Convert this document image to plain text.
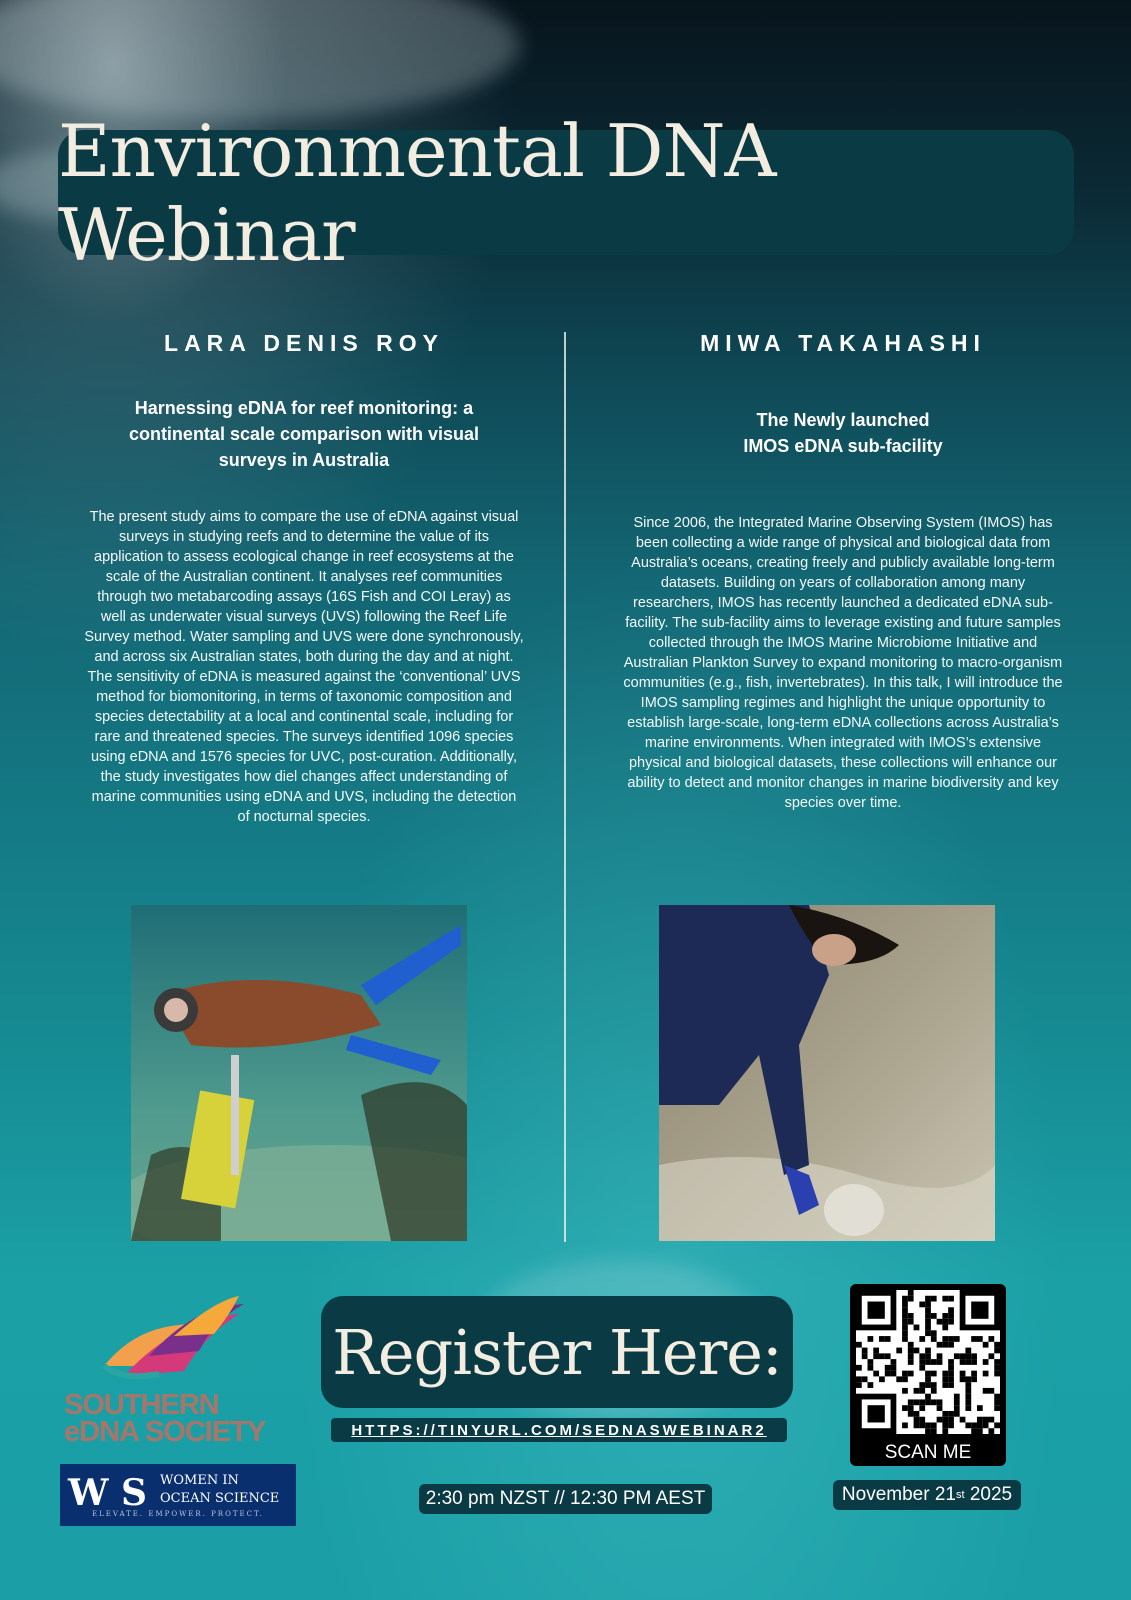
Environmental DNA Webinar

LARA DENIS ROY

Harnessing eDNA for reef monitoring: a continental scale comparison with visual surveys in Australia

The present study aims to compare the use of eDNA against visual surveys in studying reefs and to determine the value of its application to assess ecological change in reef ecosystems at the scale of the Australian continent. It analyses reef communities through two metabarcoding assays (16S Fish and COI Leray) as well as underwater visual surveys (UVS) following the Reef Life Survey method. Water sampling and UVS were done synchronously, and across six Australian states, both during the day and at night. The sensitivity of eDNA is measured against the ‘conventional’ UVS method for biomonitoring, in terms of taxonomic composition and species detectability at a local and continental scale, including for rare and threatened species. The surveys identified 1096 species using eDNA and 1576 species for UVC, post-curation. Additionally, the study investigates how diel changes affect understanding of marine communities using eDNA and UVS, including the detection of nocturnal species.

MIWA TAKAHASHI

The Newly launched
IMOS eDNA sub-facility

Since 2006, the Integrated Marine Observing System (IMOS) has been collecting a wide range of physical and biological data from Australia’s oceans, creating freely and publicly available long-term datasets. Building on years of collaboration among many researchers, IMOS has recently launched a dedicated eDNA sub-facility. The sub-facility aims to leverage existing and future samples collected through the IMOS Marine Microbiome Initiative and Australian Plankton Survey to expand monitoring to macro-organism communities (e.g., fish, invertebrates). In this talk, I will introduce the IMOS sampling regimes and highlight the unique opportunity to establish large-scale, long-term eDNA collections across Australia’s marine environments. When integrated with IMOS’s extensive physical and biological datasets, these collections will enhance our ability to detect and monitor changes in marine biodiversity and key species over time.

SOUTHERN
eDNA SOCIETY
W S WOMEN IN
OCEAN SCIENCE
ELEVATE. EMPOWER. PROTECT.
Register Here:
HTTPS://TINYURL.COM/SEDNASWEBINAR2
2:30 pm NZST // 12:30 PM AEST	November 21 st
2025
SCAN ME
